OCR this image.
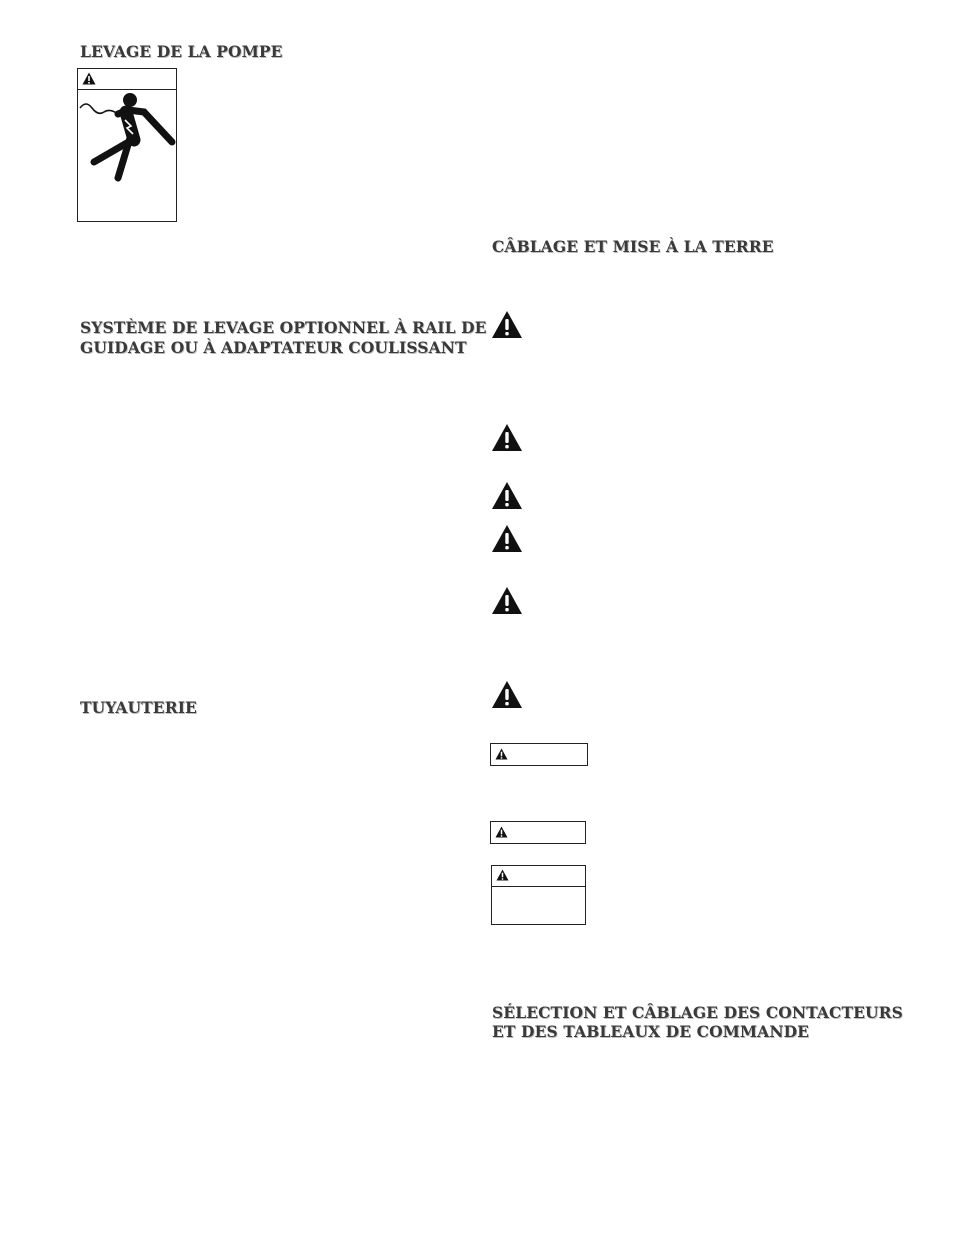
LEVAGE DE LA POMPE
SYSTÈME DE LEVAGE OPTIONNEL À RAIL DE
GUIDAGE OU À ADAPTATEUR COULISSANT
TUYAUTERIE
CÂBLAGE ET MISE À LA TERRE
SÉLECTION ET CÂBLAGE DES CONTACTEURS
ET DES TABLEAUX DE COMMANDE
